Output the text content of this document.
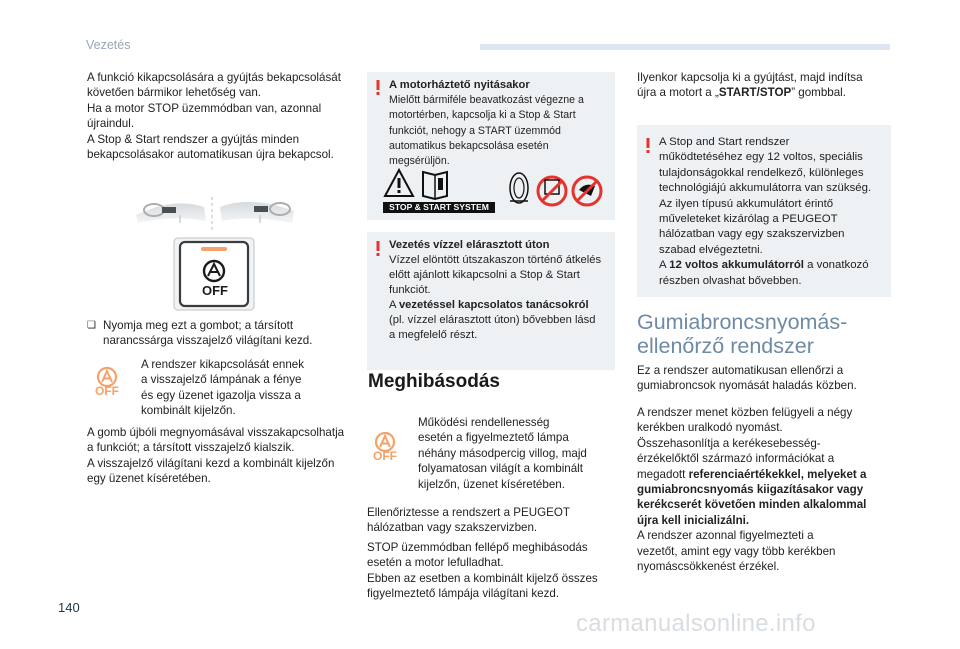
Vezetés

A funkció kikapcsolására a gyújtás bekapcsolását
követően bármikor lehetőség van.
Ha a motor STOP üzemmódban van, azonnal
újraindul.
A Stop & Start rendszer a gyújtás minden
bekapcsolásakor automatikusan újra bekapcsol.

OFF
❑ Nyomja meg ezt a gombot; a társított
narancssárga visszajelző világítani kezd.

OFF

A rendszer kikapcsolását ennek
a visszajelző lámpának a fénye
és egy üzenet igazolja vissza a
kombinált kijelzőn.

A gomb újbóli megnyomásával visszakapcsolhatja
a funkciót; a társított visszajelző kialszik.
A visszajelző világítani kezd a kombinált kijelzőn
egy üzenet kíséretében.

A motorháztető nyitásakor
Mielőtt bármiféle beavatkozást végezne a
motortérben, kapcsolja ki a Stop & Start
funkciót, nehogy a START üzemmód
automatikus bekapcsolása esetén megsérüljön.
STOP & START SYSTEM
Vezetés vízzel elárasztott úton
Vízzel elöntött útszakaszon történő átkelés
előtt ajánlott kikapcsolni a Stop & Start
funkciót.
A vezetéssel kapcsolatos tanácsokról
(pl. vízzel elárasztott úton) bővebben lásd
a megfelelő részt.
Meghibásodás
OFF

Működési rendellenesség
esetén a figyelmeztető lámpa
néhány másodpercig villog, majd
folyamatosan világít a kombinált
kijelzőn, üzenet kíséretében.

Ellenőriztesse a rendszert a PEUGEOT
hálózatban vagy szakszervizben.

STOP üzemmódban fellépő meghibásodás
esetén a motor lefulladhat.
Ebben az esetben a kombinált kijelző összes
figyelmeztető lámpája világítani kezd.

Ilyenkor kapcsolja ki a gyújtást, majd indítsa
újra a motort a „START/STOP” gombbal.

A Stop and Start rendszer
működtetéséhez egy 12 voltos, speciális
tulajdonságokkal rendelkező, különleges
technológiájú akkumulátorra van szükség.
Az ilyen típusú akkumulátort érintő
műveleteket kizárólag a PEUGEOT
hálózatban vagy egy szakszervizben
szabad elvégeztetni.
A 12 voltos akkumulátorról a vonatkozó
részben olvashat bővebben.
Gumiabroncsnyomás-
ellenőrző rendszer

Ez a rendszer automatikusan ellenőrzi a
gumiabroncsok nyomását haladás közben.

A rendszer menet közben felügyeli a négy
kerékben uralkodó nyomást.
Összehasonlítja a kerékesebesség-
érzékelőktől származó információkat a
megadott referenciaértékekkel, melyeket a
gumiabroncsnyomás kiigazításakor vagy
kerékcserét követően minden alkalommal
újra kell inicializálni.
A rendszer azonnal figyelmezteti a
vezetőt, amint egy vagy több kerékben
nyomáscsökkenést érzékel.

140
carmanualsonline.info
